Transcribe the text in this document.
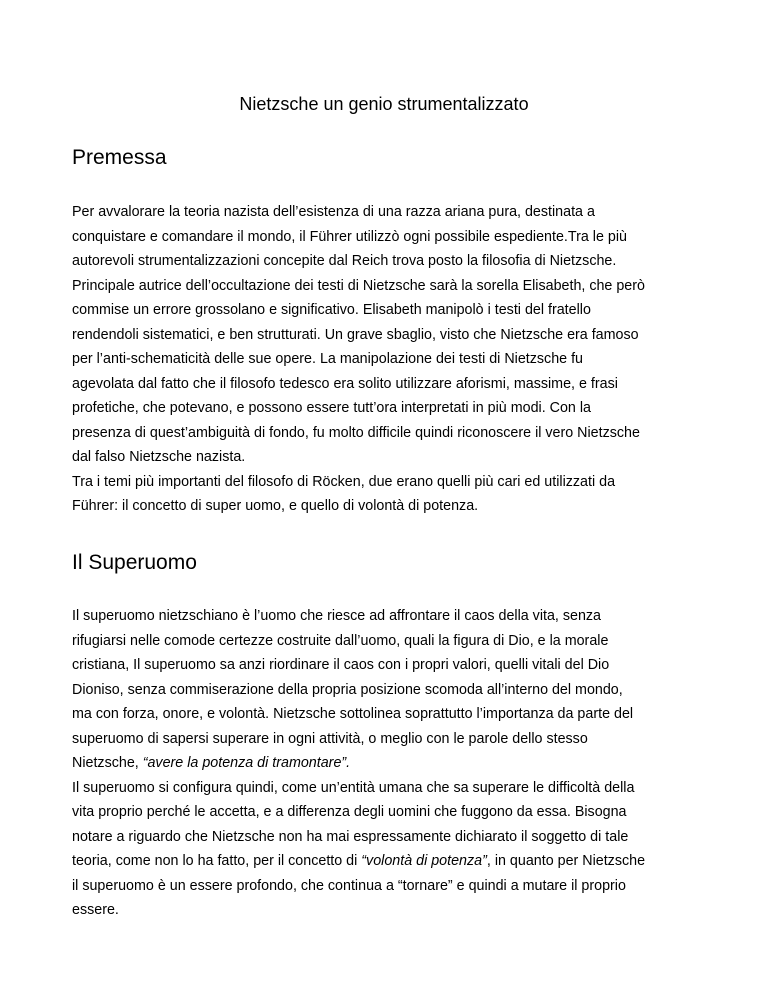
Nietzsche un genio strumentalizzato
Premessa

Per avvalorare la teoria nazista dell’esistenza di una razza ariana pura, destinata a
conquistare e comandare il mondo, il Führer utilizzò ogni possibile espediente.Tra le più
autorevoli strumentalizzazioni concepite dal Reich trova posto la filosofia di Nietzsche.
Principale autrice dell’occultazione dei testi di Nietzsche sarà la sorella Elisabeth, che però
commise un errore grossolano e significativo. Elisabeth manipolò i testi del fratello
rendendoli sistematici, e ben strutturati. Un grave sbaglio, visto che Nietzsche era famoso
per l’anti-schematicità delle sue opere. La manipolazione dei testi di Nietzsche fu
agevolata dal fatto che il filosofo tedesco era solito utilizzare aforismi, massime, e frasi
profetiche, che potevano, e possono essere tutt’ora interpretati in più modi. Con la
presenza di quest’ambiguità di fondo, fu molto difficile quindi riconoscere il vero Nietzsche
dal falso Nietzsche nazista.

Tra i temi più importanti del filosofo di Röcken, due erano quelli più cari ed utilizzati da
Führer: il concetto di super uomo, e quello di volontà di potenza.

Il Superuomo

Il superuomo nietzschiano è l’uomo che riesce ad affrontare il caos della vita, senza
rifugiarsi nelle comode certezze costruite dall’uomo, quali la figura di Dio, e la morale
cristiana, Il superuomo sa anzi riordinare il caos con i propri valori, quelli vitali del Dio
Dioniso, senza commiserazione della propria posizione scomoda all’interno del mondo,
ma con forza, onore, e volontà. Nietzsche sottolinea soprattutto l’importanza da parte del
superuomo di sapersi superare in ogni attività, o meglio con le parole dello stesso
Nietzsche, “avere la potenza di tramontare”.

Il superuomo si configura quindi, come un’entità umana che sa superare le difficoltà della
vita proprio perché le accetta, e a differenza degli uomini che fuggono da essa. Bisogna
notare a riguardo che Nietzsche non ha mai espressamente dichiarato il soggetto di tale
teoria, come non lo ha fatto, per il concetto di “volontà di potenza”, in quanto per Nietzsche
il superuomo è un essere profondo, che continua a “tornare” e quindi a mutare il proprio
essere.
